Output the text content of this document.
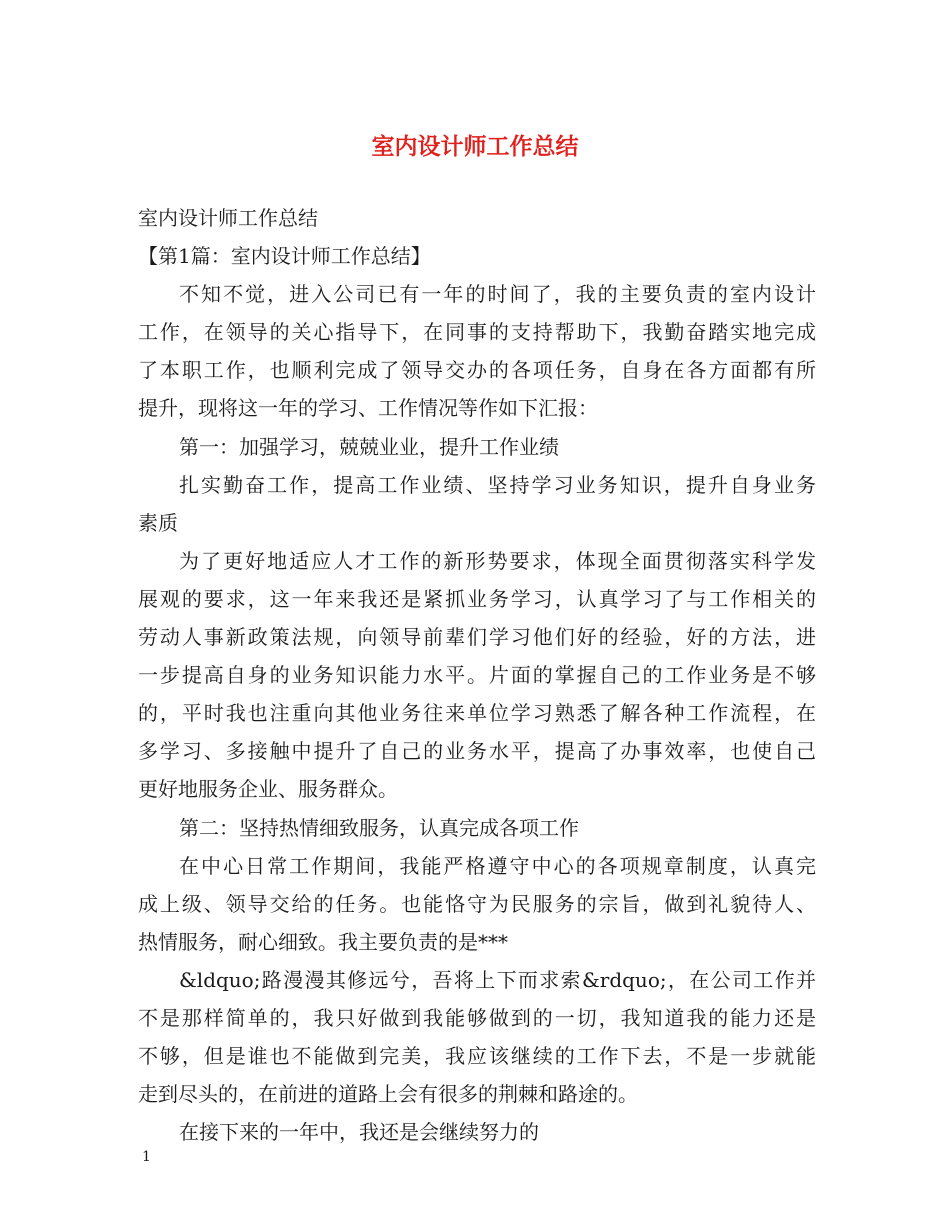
室内设计师工作总结

室内设计师工作总结

【第1篇：室内设计师工作总结】

不知不觉，进入公司已有一年的时间了，我的主要负责的室内设计

工作，在领导的关心指导下，在同事的支持帮助下，我勤奋踏实地完成

了本职工作，也顺利完成了领导交办的各项任务，自身在各方面都有所

提升，现将这一年的学习、工作情况等作如下汇报：

第一：加强学习，兢兢业业，提升工作业绩

扎实勤奋工作，提高工作业绩、坚持学习业务知识，提升自身业务

素质

为了更好地适应人才工作的新形势要求，体现全面贯彻落实科学发

展观的要求，这一年来我还是紧抓业务学习，认真学习了与工作相关的

劳动人事新政策法规，向领导前辈们学习他们好的经验，好的方法，进

一步提高自身的业务知识能力水平。片面的掌握自己的工作业务是不够

的，平时我也注重向其他业务往来单位学习熟悉了解各种工作流程，在

多学习、多接触中提升了自己的业务水平，提高了办事效率，也使自己

更好地服务企业、服务群众。

第二：坚持热情细致服务，认真完成各项工作

在中心日常工作期间，我能严格遵守中心的各项规章制度，认真完

成上级、领导交给的任务。也能恪守为民服务的宗旨，做到礼貌待人、

热情服务，耐心细致。我主要负责的是***

&ldquo;路漫漫其修远兮，吾将上下而求索&rdquo;，在公司工作并

不是那样简单的，我只好做到我能够做到的一切，我知道我的能力还是

不够，但是谁也不能做到完美，我应该继续的工作下去，不是一步就能

走到尽头的，在前进的道路上会有很多的荆棘和路途的。

在接下来的一年中，我还是会继续努力的

1
